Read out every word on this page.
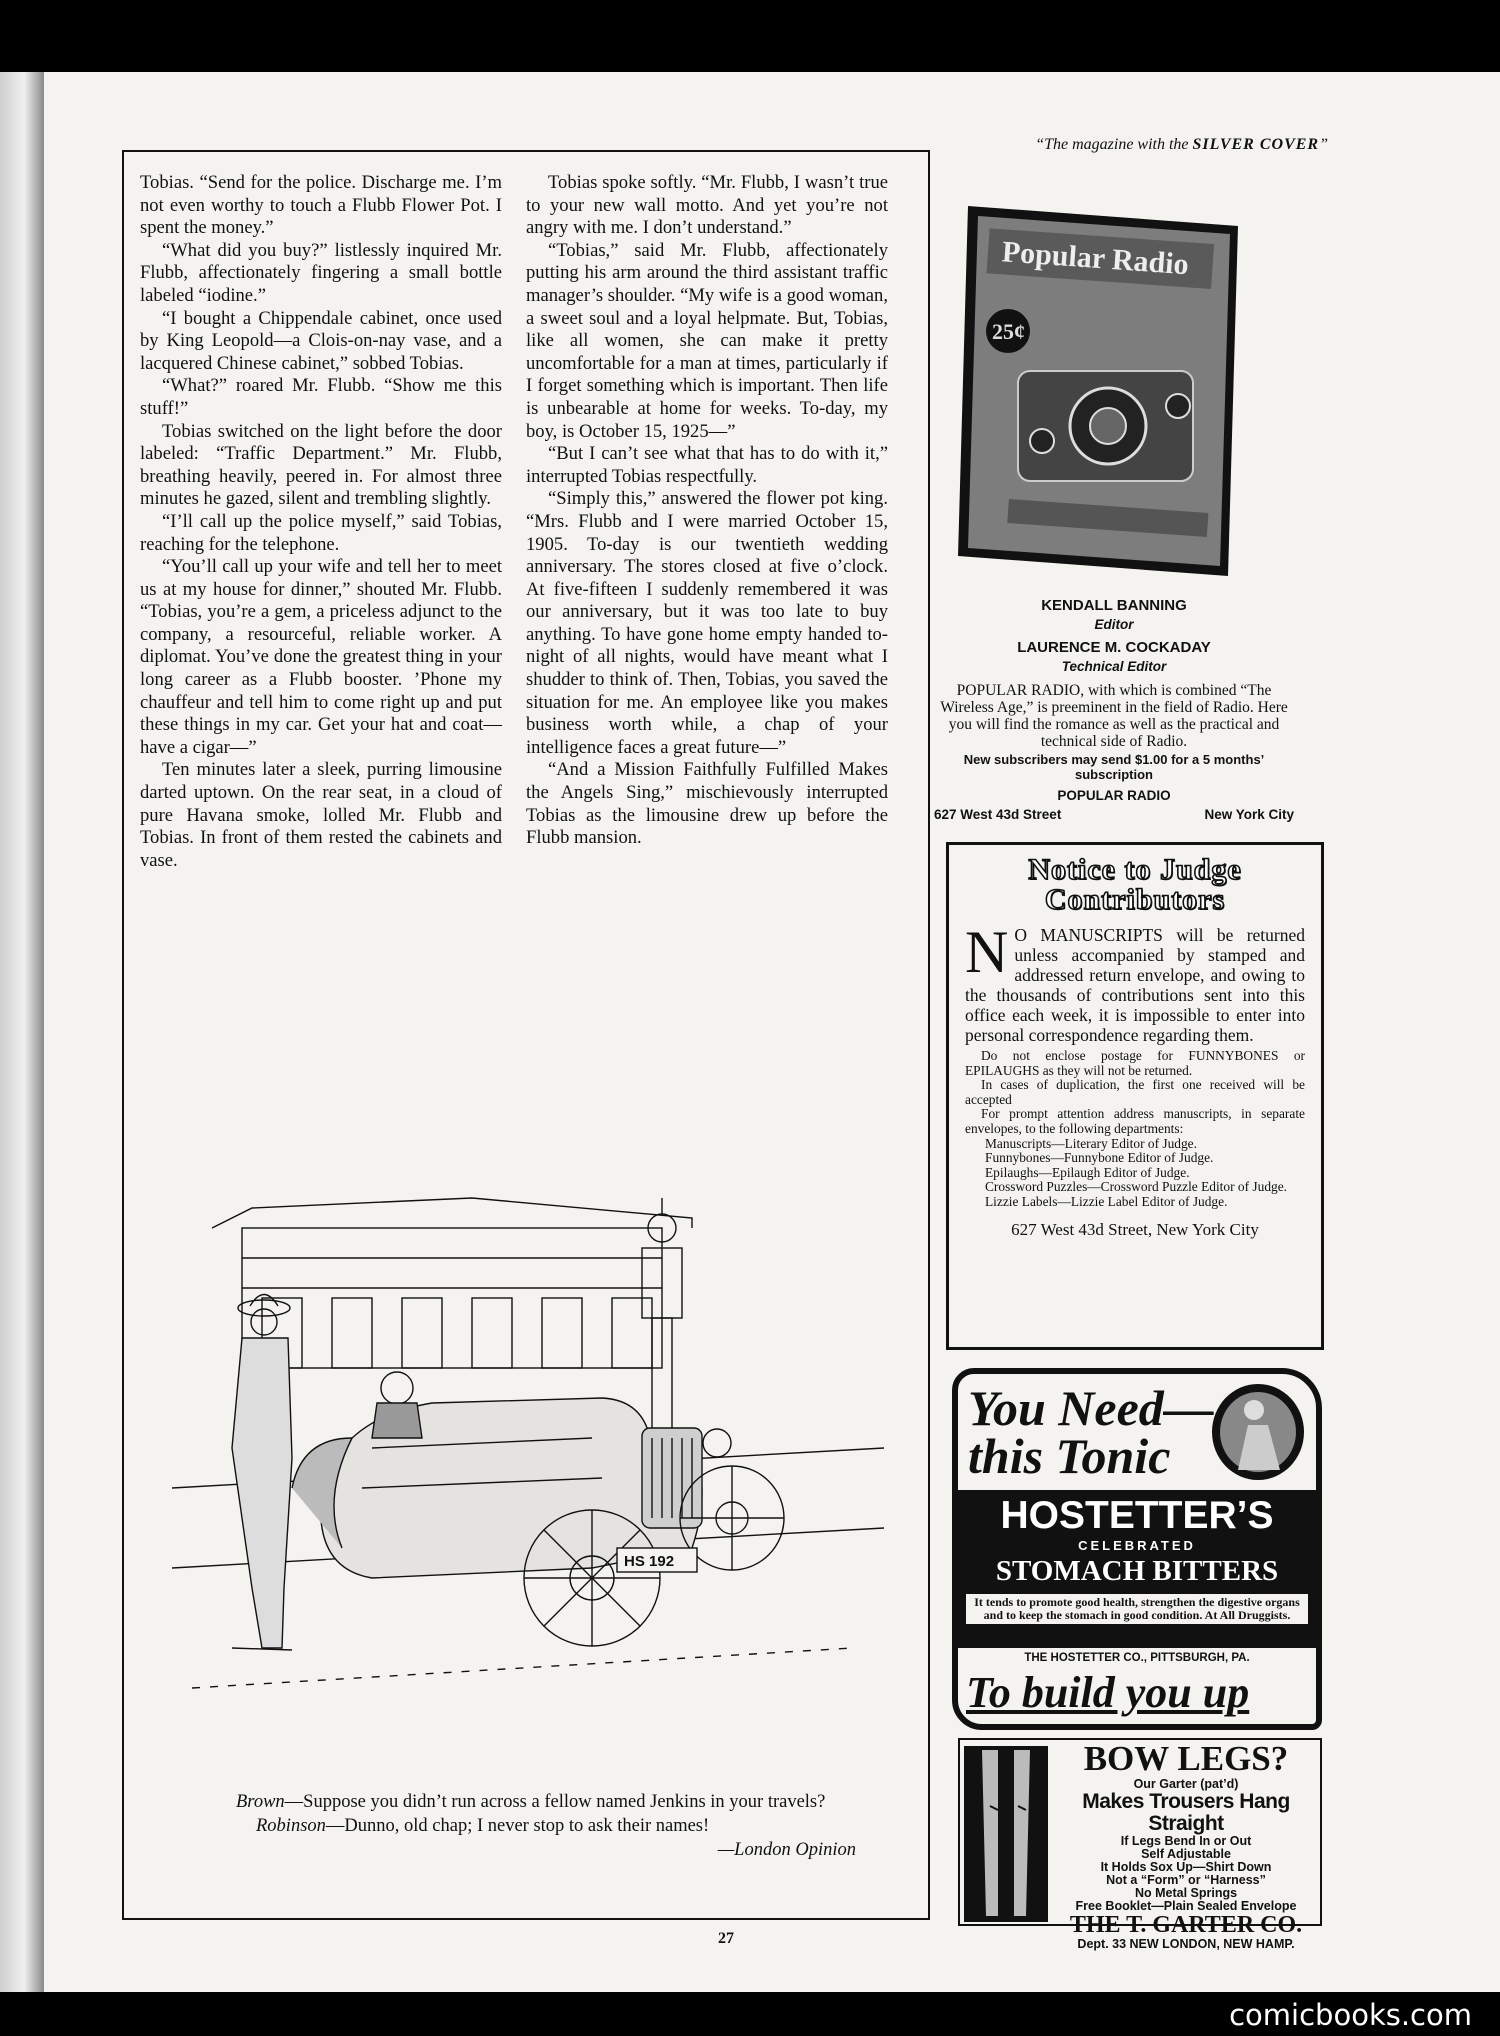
Tobias. “Send for the police. Discharge me. I’m not even worthy to touch a Flubb Flower Pot. I spent the money.”

“What did you buy?” listlessly inquired Mr. Flubb, affectionately fingering a small bottle labeled “iodine.”

“I bought a Chippendale cabinet, once used by King Leopold—a Clois-on-nay vase, and a lacquered Chinese cabinet,” sobbed Tobias.

“What?” roared Mr. Flubb. “Show me this stuff!”

Tobias switched on the light before the door labeled: “Traffic Department.” Mr. Flubb, breathing heavily, peered in. For almost three minutes he gazed, silent and trembling slightly.

“I’ll call up the police myself,” said Tobias, reaching for the telephone.

“You’ll call up your wife and tell her to meet us at my house for dinner,” shouted Mr. Flubb. “Tobias, you’re a gem, a priceless adjunct to the company, a resourceful, reliable worker. A diplomat. You’ve done the greatest thing in your long career as a Flubb booster. ’Phone my chauffeur and tell him to come right up and put these things in my car. Get your hat and coat—have a cigar—”

Ten minutes later a sleek, purring limousine darted uptown. On the rear seat, in a cloud of pure Havana smoke, lolled Mr. Flubb and Tobias. In front of them rested the cabinets and vase.

Tobias spoke softly. “Mr. Flubb, I wasn’t true to your new wall motto. And yet you’re not angry with me. I don’t understand.”

“Tobias,” said Mr. Flubb, affectionately putting his arm around the third assistant traffic manager’s shoulder. “My wife is a good woman, a sweet soul and a loyal helpmate. But, Tobias, like all women, she can make it pretty uncomfortable for a man at times, particularly if I forget something which is important. Then life is unbearable at home for weeks. To-day, my boy, is October 15, 1925—”

“But I can’t see what that has to do with it,” interrupted Tobias respectfully.

“Simply this,” answered the flower pot king. “Mrs. Flubb and I were married October 15, 1905. To-day is our twentieth wedding anniversary. The stores closed at five o’clock. At five-fifteen I suddenly remembered it was our anniversary, but it was too late to buy anything. To have gone home empty handed to-night of all nights, would have meant what I shudder to think of. Then, Tobias, you saved the situation for me. An employee like you makes business worth while, a chap of your intelligence faces a great future—”

“And a Mission Faithfully Fulfilled Makes the Angels Sing,” mischievously interrupted Tobias as the limousine drew up before the Flubb mansion.

HS 192

Brown—Suppose you didn’t run across a fellow named Jenkins in your travels?

Robinson—Dunno, old chap; I never stop to ask their names!

—London Opinion

27
comicbooks.com
“The magazine with the SILVER COVER”
Popular Radio
25¢
KENDALL BANNING
Editor
LAURENCE M. COCKADAY
Technical Editor
POPULAR RADIO, with which is combined “The Wireless Age,” is preeminent in the field of Radio. Here you will find the romance as well as the practical and technical side of Radio.
New subscribers may send $1.00 for a 5 months’ subscription
POPULAR RADIO
627 West 43d Street	New York City
Notice to Judge Contributors
N O MANUSCRIPTS will be returned unless accompanied by stamped and addressed return envelope, and owing to the thousands of contributions sent into this office each week, it is impossible to enter into personal correspondence regarding them.

Do not enclose postage for FUNNYBONES or EPILAUGHS as they will not be returned.

In cases of duplication, the first one received will be accepted

For prompt attention address manuscripts, in separate envelopes, to the following departments:

Manuscripts—Literary Editor of Judge.
Funnybones—Funnybone Editor of Judge.
Epilaughs—Epilaugh Editor of Judge.
Crossword Puzzles—Crossword Puzzle Editor of Judge.
Lizzie Labels—Lizzie Label Editor of Judge.
627 West 43d Street, New York City
You Need—
this Tonic
HOSTETTER’S
CELEBRATED
STOMACH BITTERS
It tends to promote good health, strengthen the digestive organs and to keep the stomach in good condition. At All Druggists.
THE HOSTETTER CO., PITTSBURGH, PA.
To build you up
BOW LEGS?
Our Garter (pat’d)
Makes Trousers Hang Straight
If Legs Bend In or Out
Self Adjustable
It Holds Sox Up—Shirt Down
Not a “Form” or “Harness”
No Metal Springs
Free Booklet—Plain Sealed Envelope
THE T. GARTER CO.
Dept. 33 NEW LONDON, NEW HAMP.
